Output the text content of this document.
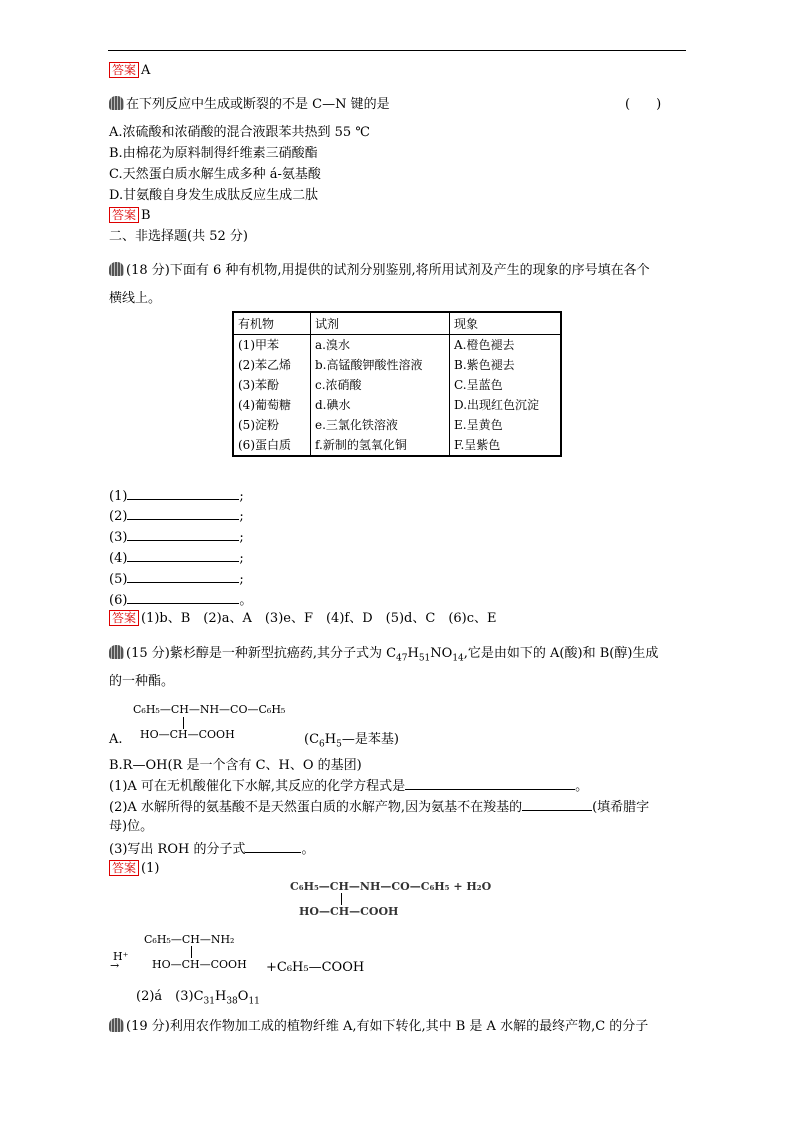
答案 A
在下列反应中生成或断裂的不是 C—N 键的是	(　　)
A.浓硫酸和浓硝酸的混合液跟苯共热到 55 ℃
B.由棉花为原料制得纤维素三硝酸酯
C.天然蛋白质水解生成多种 á-氨基酸
D.甘氨酸自身发生成肽反应生成二肽
答案 B
二、非选择题(共 52 分)
(18 分)下面有 6 种有机物,用提供的试剂分别鉴别,将所用试剂及产生的现象的序号填在各个
横线上。
有机物	试剂	现象
(1)甲苯	a.溴水	A.橙色褪去
(2)苯乙烯	b.高锰酸钾酸性溶液	B.紫色褪去
(3)苯酚	c.浓硝酸	C.呈蓝色
(4)葡萄糖	d.碘水	D.出现红色沉淀
(5)淀粉	e.三氯化铁溶液	E.呈黄色
(6)蛋白质	f.新制的氢氧化铜	F.呈紫色
(1)	;
(2)	;
(3)	;
(4)	;
(5)	;
(6)	。
答案 (1)b、B　(2)a、A　(3)e、F　(4)f、D　(5)d、C　(6)c、E
(15 分)紫杉醇是一种新型抗癌药,其分子式为 $C_{47}H_{51}NO_{14}$,它是由如下的 A(酸)和 B(醇)生成
的一种酯。
C₆H₅—CH—NH—CO—C₆H₅
HO—CH—COOH
A.	($C_6H_5—$是苯基)
B.R—OH(R 是一个含有 C、H、O 的基团)
(1)A 可在无机酸催化下水解,其反应的化学方程式是	。
(2)A 水解所得的氨基酸不是天然蛋白质的水解产物,因为氨基不在羧基的	(填希腊字
母)位。
(3)写出 ROH 的分子式	。
答案 (1)
C₆H₅—CH—NH—CO—C₆H₅ + H₂O
HO—CH—COOH
H⁺
→
C₆H₅—CH—NH₂
HO—CH—COOH +C₆H₅—COOH
(2)á　$(3)C_{31}H_{38}O_{11}$
(19 分)利用农作物加工成的植物纤维 A,有如下转化,其中 B 是 A 水解的最终产物,C 的分子
